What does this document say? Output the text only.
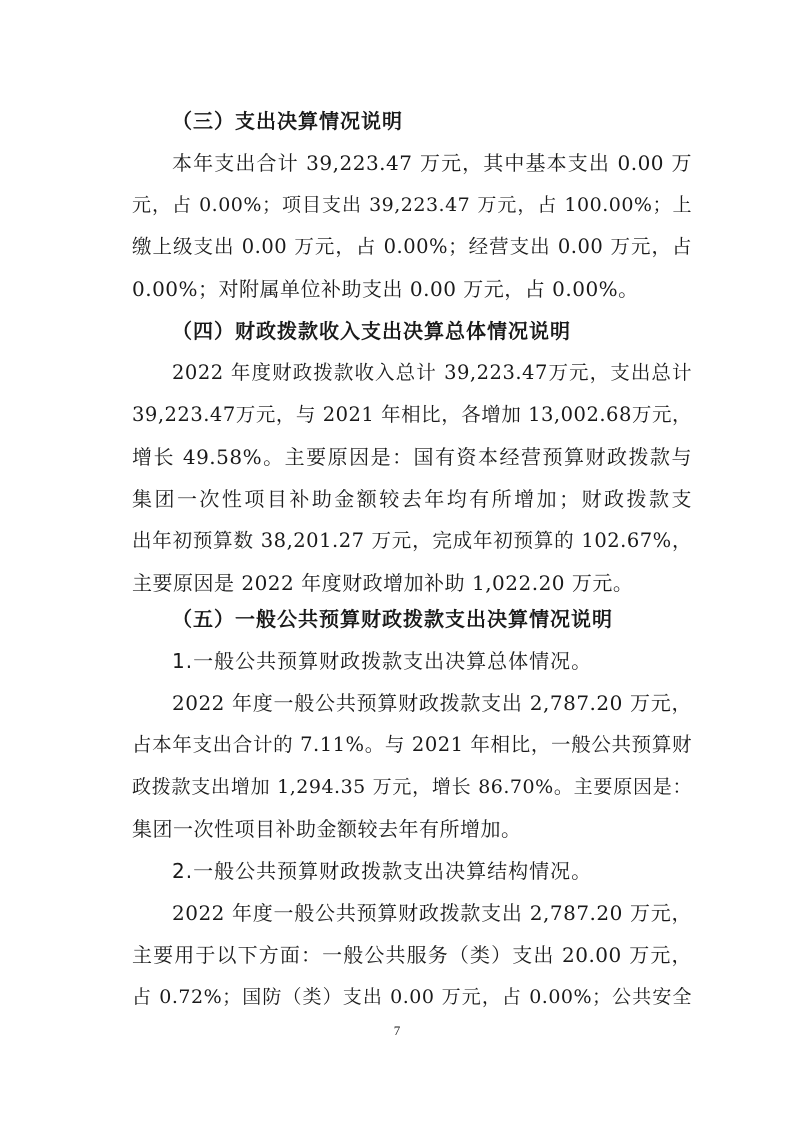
（三）支出决算情况说明
本年支出合计 39,223.47 万元，其中基本支出 0.00 万
元，占 0.00%；项目支出 39,223.47 万元，占 100.00%；上
缴上级支出 0.00 万元，占 0.00%；经营支出 0.00 万元，占
0.00%；对附属单位补助支出 0.00 万元，占 0.00%。
（四）财政拨款收入支出决算总体情况说明
2022 年度财政拨款收入总计 39,223.47万元，支出总计
39,223.47万元，与 2021 年相比，各增加 13,002.68万元，
增长 49.58%。主要原因是：国有资本经营预算财政拨款与
集团一次性项目补助金额较去年均有所增加；财政拨款支
出年初预算数 38,201.27 万元，完成年初预算的 102.67%，
主要原因是 2022 年度财政增加补助 1,022.20 万元。
（五）一般公共预算财政拨款支出决算情况说明
1.一般公共预算财政拨款支出决算总体情况。
2022 年度一般公共预算财政拨款支出 2,787.20 万元，
占本年支出合计的 7.11%。与 2021 年相比，一般公共预算财
政拨款支出增加 1,294.35 万元，增长 86.70%。主要原因是：
集团一次性项目补助金额较去年有所增加。
2.一般公共预算财政拨款支出决算结构情况。
2022 年度一般公共预算财政拨款支出 2,787.20 万元，
主要用于以下方面：一般公共服务（类）支出 20.00 万元，
占 0.72%；国防（类）支出 0.00 万元，占 0.00%；公共安全
7
